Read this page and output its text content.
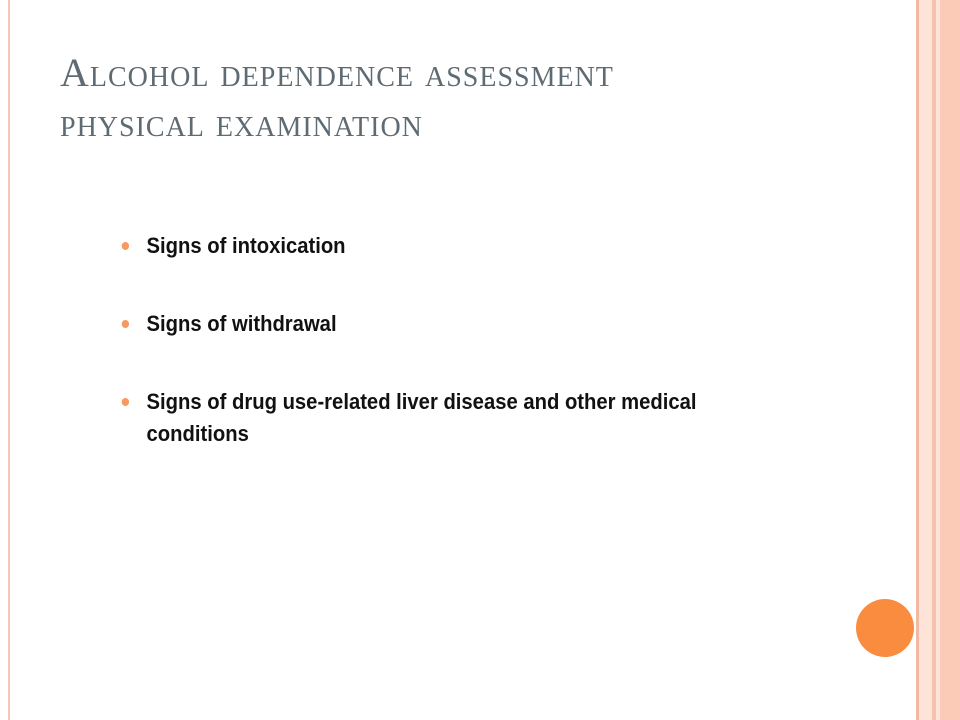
Alcohol dependence assessment
physical examination
Signs of intoxication
Signs of withdrawal
Signs of drug use-related liver disease and other medical conditions
